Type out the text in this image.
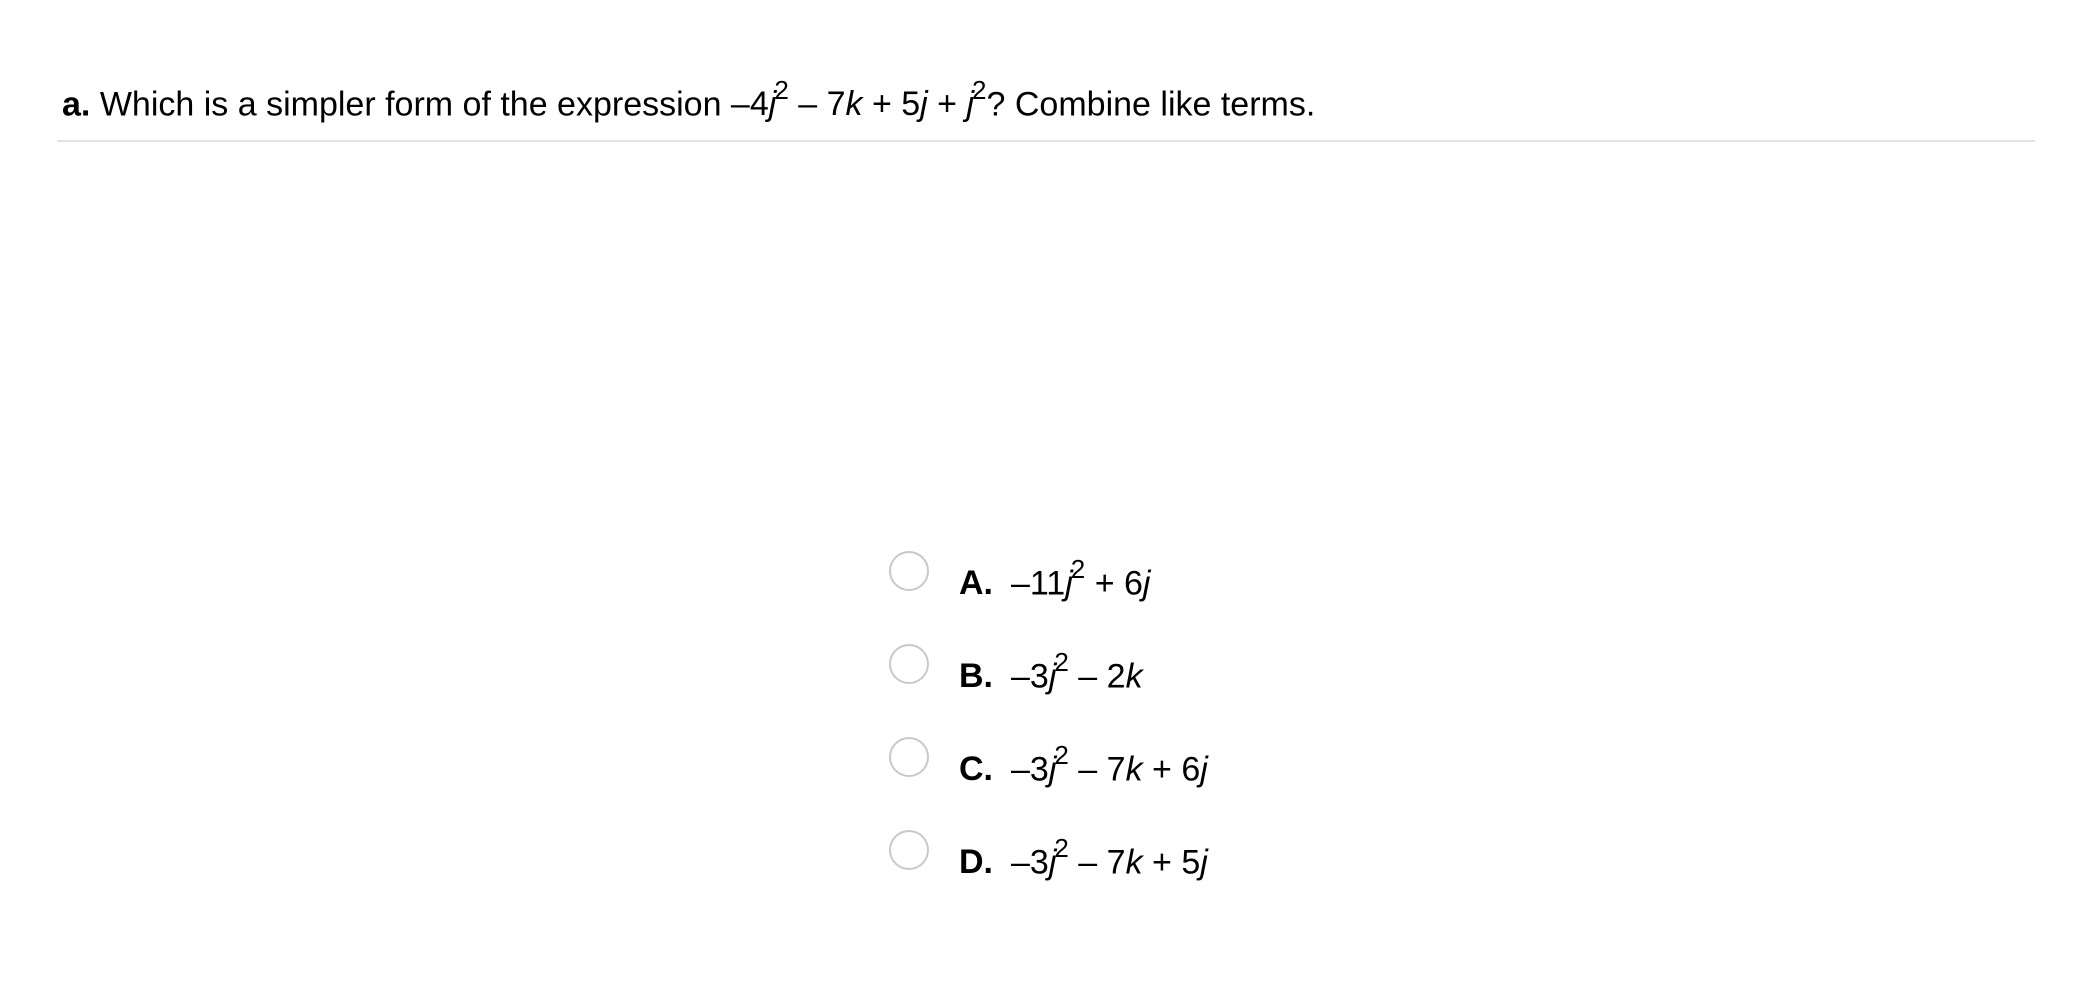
a. Which is a simpler form of the expression $-4j^2 - 7k + 5j + j^2$? Combine like terms.
A. $-11j^2 + 6j$
B. $-3j^2 - 2k$
C. $-3j^2 - 7k + 6j$
D. $-3j^2 - 7k + 5j$
